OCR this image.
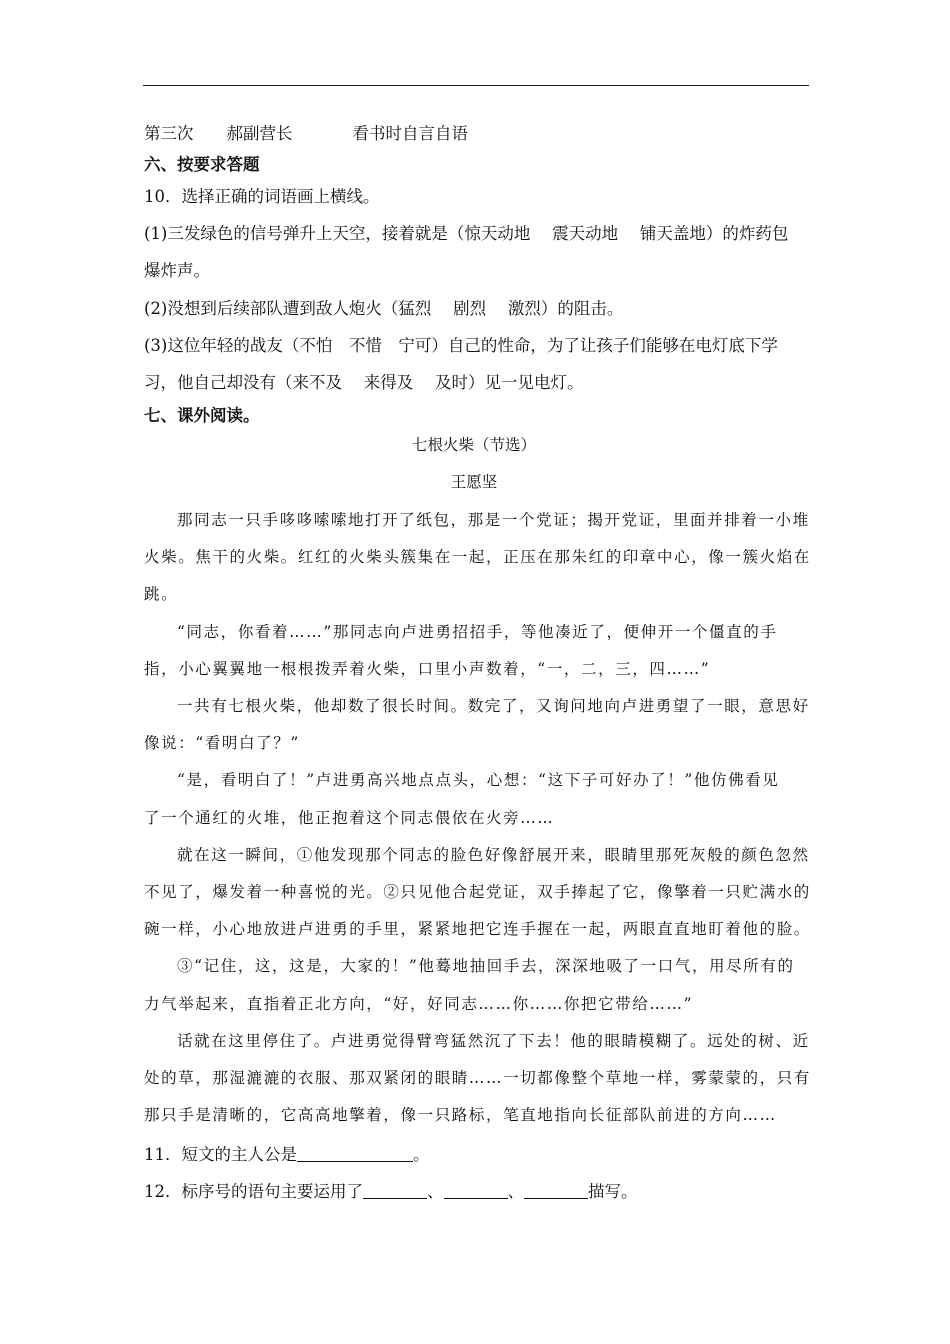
第三次 郝副营长	看书时自言自语
六、按要求答题
10．选择正确的词语画上横线。
(1)三发绿色的信号弹升上天空，接着就是（惊天动地　 震天动地　 铺天盖地）的炸药包
爆炸声。
(2)没想到后续部队遭到敌人炮火（猛烈　 剧烈　 激烈）的阻击。
(3)这位年轻的战友（不怕　不惜　宁可）自己的性命，为了让孩子们能够在电灯底下学
习，他自己却没有（来不及　 来得及　 及时）见一见电灯。
七、课外阅读。
七根火柴（节选）
王愿坚
那同志一只手哆哆嗦嗦地打开了纸包，那是一个党证；揭开党证，里面并排着一小堆
火柴。焦干的火柴。红红的火柴头簇集在一起，正压在那朱红的印章中心，像一簇火焰在
跳。
“同志，你看着……”那同志向卢进勇招招手，等他凑近了，便伸开一个僵直的手
指，小心翼翼地一根根拨弄着火柴，口里小声数着，“一，二，三，四……”
一共有七根火柴，他却数了很长时间。数完了，又询问地向卢进勇望了一眼，意思好
像说：“看明白了？”
“是，看明白了！”卢进勇高兴地点点头，心想：“这下子可好办了！”他仿佛看见
了一个通红的火堆，他正抱着这个同志偎依在火旁……
就在这一瞬间，①他发现那个同志的脸色好像舒展开来，眼睛里那死灰般的颜色忽然
不见了，爆发着一种喜悦的光。②只见他合起党证，双手捧起了它，像擎着一只贮满水的
碗一样，小心地放进卢进勇的手里，紧紧地把它连手握在一起，两眼直直地盯着他的脸。
③“记住，这，这是，大家的！”他蓦地抽回手去，深深地吸了一口气，用尽所有的
力气举起来，直指着正北方向，“好，好同志……你……你把它带给……”
话就在这里停住了。卢进勇觉得臂弯猛然沉了下去！他的眼睛模糊了。远处的树、近
处的草，那湿漉漉的衣服、那双紧闭的眼睛……一切都像整个草地一样，雾蒙蒙的，只有
那只手是清晰的，它高高地擎着，像一只路标，笔直地指向长征部队前进的方向……
11．短文的主人公是	。
12．标序号的语句主要运用了	、	、	描写。
